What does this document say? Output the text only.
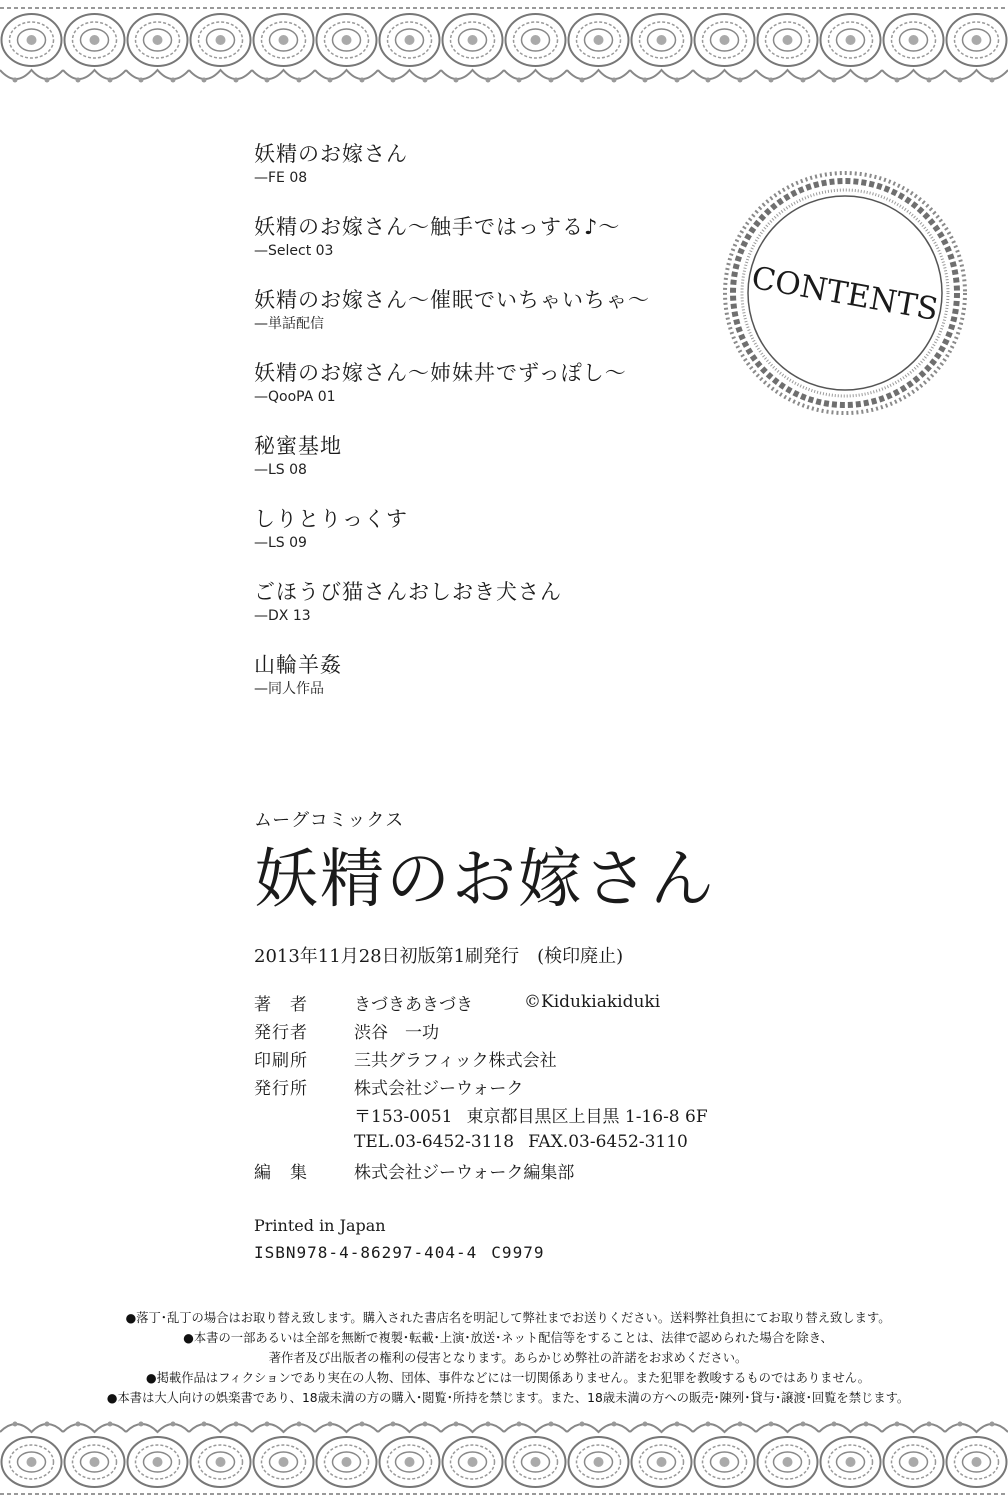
妖精のお嫁さん
—FE 08
妖精のお嫁さん～触手ではっする♪～
—Select 03
妖精のお嫁さん～催眠でいちゃいちゃ～
—単話配信
妖精のお嫁さん～姉妹丼でずっぽし～
—QooPA 01
秘蜜基地
—LS 08
しりとりっくす
—LS 09
ごほうび猫さんおしおき犬さん
—DX 13
山輪羊姦
—同人作品
CONTENTS
ムーグコミックス
妖精のお嫁さん
2013年11月28日初版第1刷発行　(検印廃止)
著　者	きづきあきづき	©Kidukiakiduki
発行者	渋谷　一功
印刷所	三共グラフィック株式会社
発行所	株式会社ジーウォーク
〒153-0051 東京都目黒区上目黒 1-16-8 6F
TEL.03-6452-3118 FAX.03-6452-3110
編　集	株式会社ジーウォーク編集部
Printed in Japan
ISBN978-4-86297-404-4 C9979
●落丁･乱丁の場合はお取り替え致します。購入された書店名を明記して弊社までお送りください。送料弊社負担にてお取り替え致します。
●本書の一部あるいは全部を無断で複製･転載･上演･放送･ネット配信等をすることは、法律で認められた場合を除き、
著作者及び出版者の権利の侵害となります。あらかじめ弊社の許諾をお求めください。
●掲載作品はフィクションであり実在の人物、団体、事件などには一切関係ありません。また犯罪を教唆するものではありません。
●本書は大人向けの娯楽書であり、18歳未満の方の購入･閲覧･所持を禁じます。また、18歳未満の方への販売･陳列･貸与･譲渡･回覧を禁じます。
